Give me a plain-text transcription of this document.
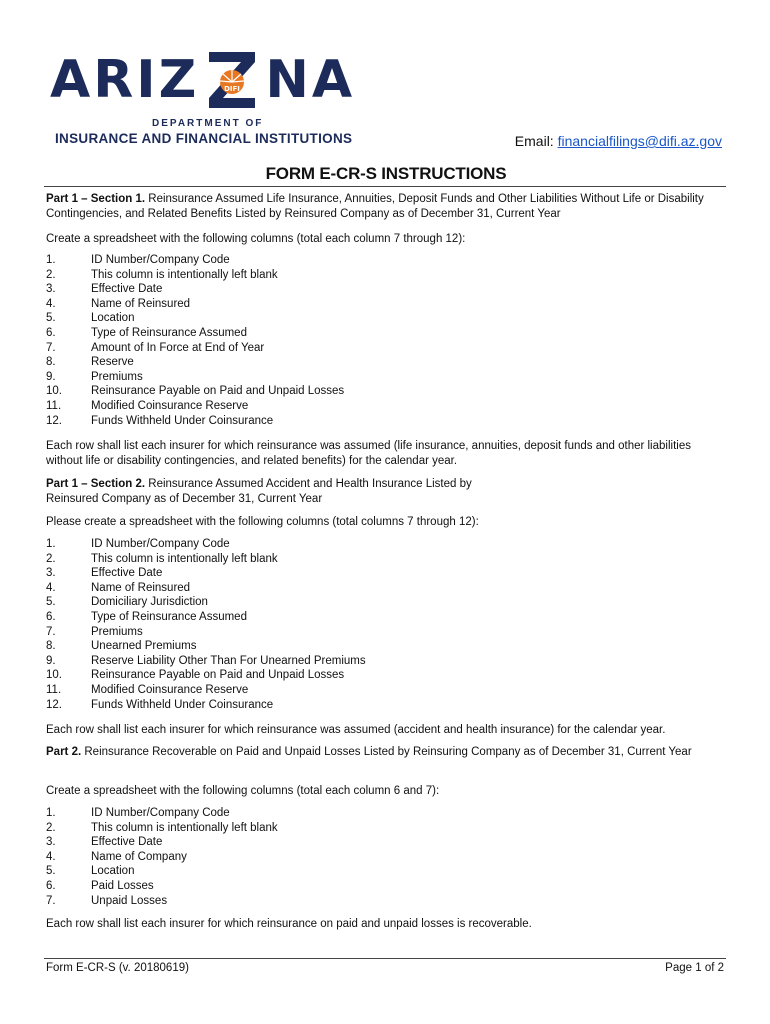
ARIZ	DIFI NA
DEPARTMENT OF
INSURANCE AND FINANCIAL INSTITUTIONS	Email: financialfilings@difi.az.gov
FORM E-CR-S INSTRUCTIONS
Part 1 – Section 1. Reinsurance Assumed Life Insurance, Annuities, Deposit Funds and Other Liabilities Without Life or Disability Contingencies, and Related Benefits Listed by Reinsured Company as of December 31, Current Year
Create a spreadsheet with the following columns (total each column 7 through 12):
1.	ID Number/Company Code
2.	This column is intentionally left blank
3.	Effective Date
4.	Name of Reinsured
5.	Location
6.	Type of Reinsurance Assumed
7.	Amount of In Force at End of Year
8.	Reserve
9.	Premiums
10.	Reinsurance Payable on Paid and Unpaid Losses
11.	Modified Coinsurance Reserve
12.	Funds Withheld Under Coinsurance
Each row shall list each insurer for which reinsurance was assumed (life insurance, annuities, deposit funds and other liabilities without life or disability contingencies, and related benefits) for the calendar year.
Part 1 – Section 2. Reinsurance Assumed Accident and Health Insurance Listed by Reinsured Company as of December 31, Current Year
Please create a spreadsheet with the following columns (total columns 7 through 12):
1.	ID Number/Company Code
2.	This column is intentionally left blank
3.	Effective Date
4.	Name of Reinsured
5.	Domiciliary Jurisdiction
6.	Type of Reinsurance Assumed
7.	Premiums
8.	Unearned Premiums
9.	Reserve Liability Other Than For Unearned Premiums
10.	Reinsurance Payable on Paid and Unpaid Losses
11.	Modified Coinsurance Reserve
12.	Funds Withheld Under Coinsurance
Each row shall list each insurer for which reinsurance was assumed (accident and health insurance) for the calendar year.
Part 2. Reinsurance Recoverable on Paid and Unpaid Losses Listed by Reinsuring Company as of December 31, Current Year
Create a spreadsheet with the following columns (total each column 6 and 7):
1.	ID Number/Company Code
2.	This column is intentionally left blank
3.	Effective Date
4.	Name of Company
5.	Location
6.	Paid Losses
7.	Unpaid Losses
Each row shall list each insurer for which reinsurance on paid and unpaid losses is recoverable.
Form E-CR-S (v. 20180619)	Page 1 of 2
